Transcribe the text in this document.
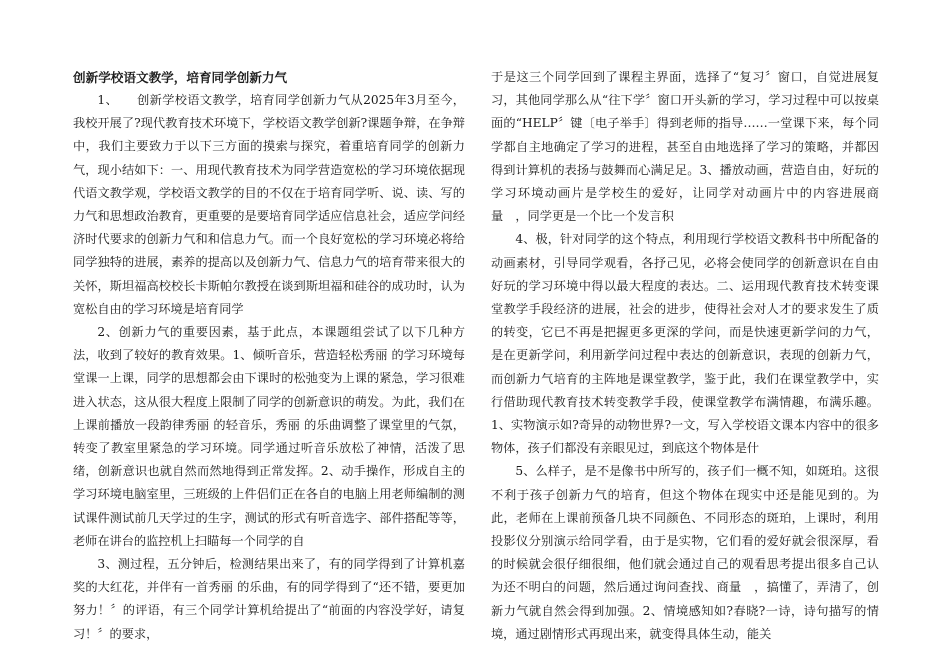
创新学校语文教学，培育同学创新力气

1、　　创新学校语文教学，培育同学创新力气从2025年3月至今，我校开展了?现代教育技术环境下，学校语文教学创新?课题争辩，在争辩中，我们主要致力于以下三方面的摸索与探究，着重培育同学的创新力气，现小结如下：一、用现代教育技术为同学营造宽松的学习环境依据现代语文教学观，学校语文教学的目的不仅在于培育同学听、说、读、写的力气和思想政治教育，更重要的是要培育同学适应信息社会，适应学问经济时代要求的创新力气和和信息力气。而一个良好宽松的学习环境必将给同学独特的进展，素养的提高以及创新力气、信息力气的培育带来很大的关怀，斯坦福高校校长卡斯帕尔教授在谈到斯坦福和硅谷的成功时，认为宽松自由的学习环境是培育同学

2、创新力气的重要因素，基于此点，本课题组尝试了以下几种方法，收到了较好的教育效果。1、倾听音乐，营造轻松秀丽 的学习环境每堂课一上课，同学的思想都会由下课时的松弛变为上课的紧急，学习很难进入状态，这从很大程度上限制了同学的创新意识的萌发。为此，我们在上课前播放一段韵律秀丽 的轻音乐，秀丽 的乐曲调整了课堂里的气氛，转变了教室里紧急的学习环境。同学通过听音乐放松了神情，活泼了思绪，创新意识也就自然而然地得到正常发挥。2、动手操作，形成自主的学习环境电脑室里，三班级的上件侣们正在各自的电脑上用老师编制的测试课件测试前几天学过的生字，测试的形式有听音选字、部件搭配等等，老师在讲台的监控机上扫瞄每一个同学的自

3、测过程，五分钟后，检测结果出来了，有的同学得到了计算机嘉奖的大红花，并伴有一首秀丽 的乐曲，有的同学得到了“还不错，要更加努力！〞的评语，有三个同学计算机给提出了“前面的内容没学好，请复习！〞的要求，

于是这三个同学回到了课程主界面，选择了“复习〞窗口，自觉进展复习，其他同学那么从“往下学〞窗口开头新的学习，学习过程中可以按桌面的“HELP〞键〔电子举手〕得到老师的指导……一堂课下来，每个同学都自主地确定了学习的进程，甚至自由地选择了学习的策略，并都因得到计算机的表扬与鼓舞而心满足足。3、播放动画，营造自由，好玩的学习环境动画片是学校生的爱好，让同学对动画片中的内容进展商量　，同学更是一个比一个发言积

4、极，针对同学的这个特点，利用现行学校语文教科书中所配备的动画素材，引导同学观看，各抒己见，必将会使同学的创新意识在自由好玩的学习环境中得以最大程度的表达。二、运用现代教育技术转变课堂教学手段经济的进展，社会的进步，使得社会对人才的要求发生了质的转变，它已不再是把握更多更深的学问，而是快速更新学问的力气，是在更新学问，利用新学问过程中表达的创新意识，表现的创新力气，而创新力气培育的主阵地是课堂教学，鉴于此，我们在课堂教学中，实行借助现代教育技术转变教学手段，使课堂教学布满情趣，布满乐趣。1、实物演示如?奇异的动物世界?一文，写入学校语文课本内容中的很多物体，孩子们都没有亲眼见过，到底这个物体是什

5、么样子，是不是像书中所写的，孩子们一概不知，如斑珀。这很不利于孩子创新力气的培育，但这个物体在现实中还是能见到的。为此，老师在上课前预备几块不同颜色、不同形态的斑珀，上课时，利用投影仪分别演示给同学看，由于是实物，它们看的爱好就会很深厚，看的时候就会很仔细很细，他们就会通过自己的观看思考提出很多自己认为还不明白的问题，然后通过询问查找、商量　，搞懂了，弄清了，创新力气就自然会得到加强。2、情境感知如?春晓?一诗，诗句描写的情境，通过剧情形式再现出来，就变得具体生动，能关
